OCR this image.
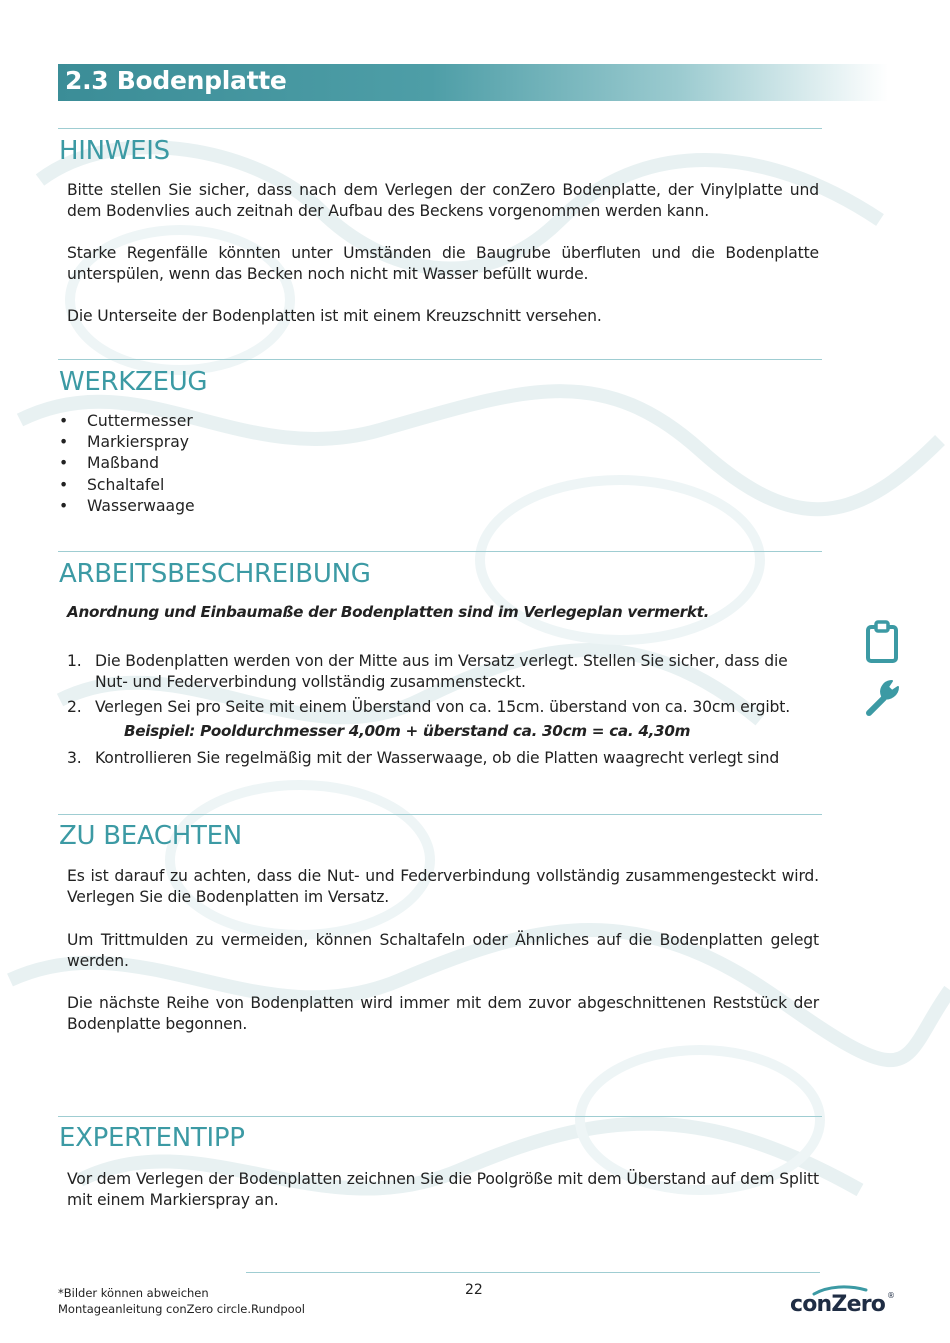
2.3 Bodenplatte
HINWEIS
Bitte stellen Sie sicher, dass nach dem Verlegen der conZero Bodenplatte, der Vinylplatte und dem Bodenvlies auch zeitnah der Aufbau des Beckens vorgenommen werden kann.
Starke Regenfälle könnten unter Umständen die Baugrube überfluten und die Bodenplatte unterspülen, wenn das Becken noch nicht mit Wasser befüllt wurde.
Die Unterseite der Bodenplatten ist mit einem Kreuzschnitt versehen.
WERKZEUG
•	Cuttermesser
•	Markierspray
•	Maßband
•	Schaltafel
•	Wasserwaage
ARBEITSBESCHREIBUNG
Anordnung und Einbaumaße der Bodenplatten sind im Verlegeplan vermerkt.
1. Die Bodenplatten werden von der Mitte aus im Versatz verlegt. Stellen Sie sicher, dass die Nut- und Federverbindung vollständig zusammensteckt.
2. Verlegen Sei pro Seite mit einem Überstand von ca. 15cm. überstand von ca. 30cm ergibt.
Beispiel: Pooldurchmesser 4,00m + überstand ca. 30cm = ca. 4,30m
3. Kontrollieren Sie regelmäßig mit der Wasserwaage, ob die Platten waagrecht verlegt sind
ZU BEACHTEN
Es ist darauf zu achten, dass die Nut- und Federverbindung vollständig zusammengesteckt wird. Verlegen Sie die Bodenplatten im Versatz.
Um Trittmulden zu vermeiden, können Schaltafeln oder Ähnliches auf die Bodenplatten gelegt werden.
Die nächste Reihe von Bodenplatten wird immer mit dem zuvor abgeschnittenen Reststück der Bodenplatte begonnen.
EXPERTENTIPP
Vor dem Verlegen der Bodenplatten zeichnen Sie die Poolgröße mit dem Überstand auf dem Splitt mit einem Markierspray an.
*Bilder können abweichen
Montageanleitung conZero circle.Rundpool
22
conZero ®
